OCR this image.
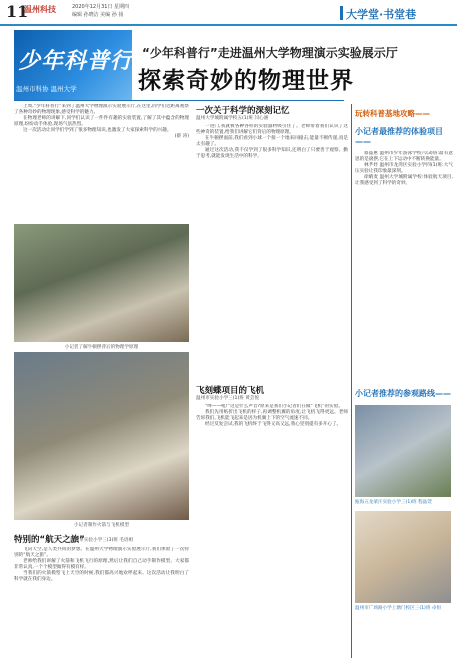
11
温州科技	2020年12月31日 星期四
编辑 孙晓洁 美编 孙 扬	大学堂·书堂巷
少年科普行
温州市科协 温州大学
“少年科普行”走进温州大学物理演示实验展示厅
探索奇妙的物理世界

上周,“少年科普行”来到了温州大学物理演示实验展示厅,在这里,同学们近距离观察了各种奇妙的物理现象,感受科学的魅力。

在物理老师的讲解下,同学们认识了一件件有趣的实验装置,了解了其中蕴含的物理原理,纷纷动手体验,现场气氛热烈。

这一次活动让同学们学到了很多物理知识,也激发了大家探索科学的兴趣。

(蔡 涛)

小记者了解牛顿摆背后的物理学原理
小记者制作火箭与飞机模型
特别的“航天之旅”
温州市实验小学三(3)班 毛语姐

飞向天空,是人类共同的梦想。在温州大学物理演示实验展示厅,我们体验了一次特别的“航天之旅”。

老师给我们讲解了火箭和飞机飞行的原理,然后让我们自己动手制作模型。大家都非常认真,一个个模型做得有模有样。

当我们的火箭模型飞上天空的时候,我们都高兴地欢呼起来。这次活动让我明白了科学就在我们身边。

一次关于科学的深刻记忆
温州大学城附属学校五(1)班 闫心涵

一进门,我就被各种各样的实验器材吸引住了。老师带着我们认识了这些神奇的装置,给我们讲解它们背后的物理原理。

在牛顿摆面前,我们看到小球一个接一个地来回撞击,能量不断传递,真是太有趣了。

通过这次活动,我不仅学到了很多科学知识,还明白了只要善于观察、勤于思考,就能发现生活中的科学。

飞刻蝶项目的飞机
温州市实验小学三(1)班 黄芸悦

“哗——吼!”这是什么声音?原来是我们小记者们在做“飞机”的实验。

我们先用纸折出飞机的样子,再调整机翼的角度,让飞机飞得更远。老师告诉我们,飞机能飞起来是因为机翼上下的空气流速不同。

经过反复尝试,我的飞机终于飞得又高又远,我心里别提有多开心了。

玩转科普基地攻略——
小记者最推荐的体验项目——

蔡晶惠 温州市少年游泳学校六(3)班:最有意思的是滚摆,它在上下运动中不断转换能量。

林芊妤 温州市龙湾区实验小学四(1)班:大气压实验让我印象最深刻。

徐晴麦 温州大学城附属学校:体验航天项目,让我感受到了科学的奇妙。

小记者推荐的参观路线——
瓯海五龙蒙汗实验小学三(1)班 程晶萱
温州市广场路小学上塘门校区三(1)班 卓恒
